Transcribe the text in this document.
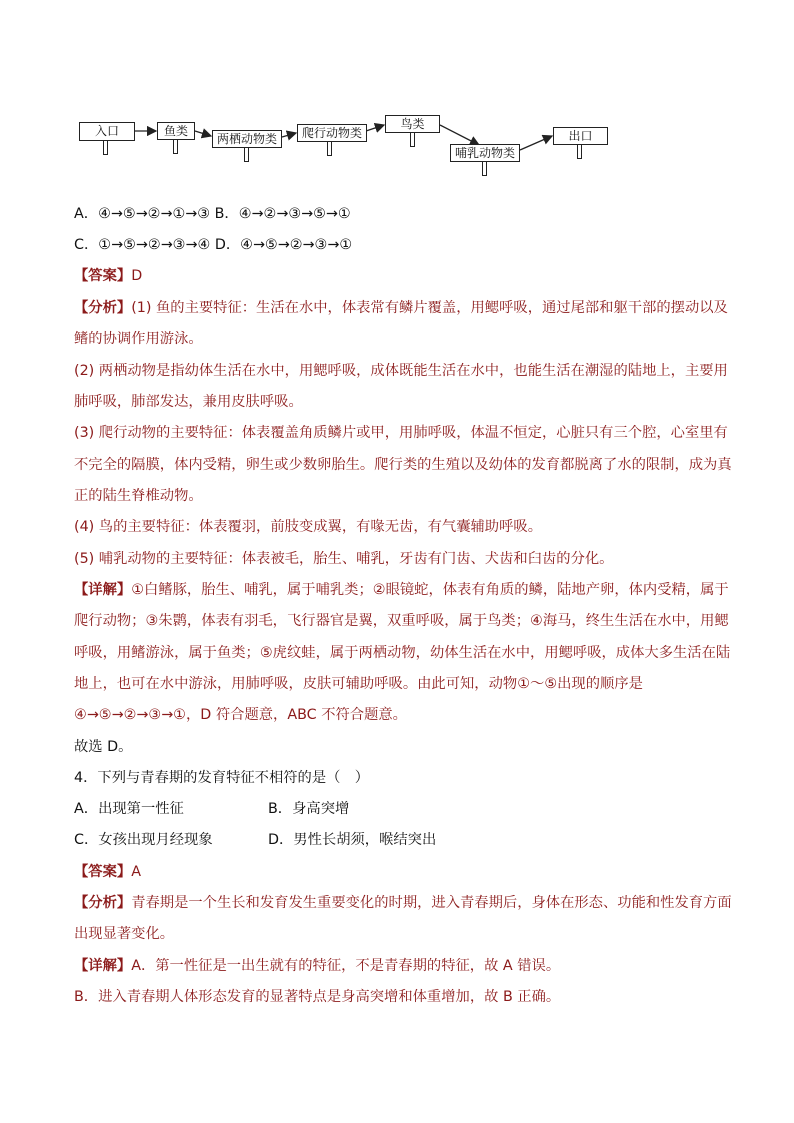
入口	鱼类
两栖动物类	爬行动物类
鸟类
哺乳动物类
出口
A．④→⑤→②→①→③ B．④→②→③→⑤→①
C．①→⑤→②→③→④ D．④→⑤→②→③→①
【答案】D
【分析】(1) 鱼的主要特征：生活在水中，体表常有鳞片覆盖，用鳃呼吸，通过尾部和躯干部的摆动以及
鳍的协调作用游泳。
(2) 两栖动物是指幼体生活在水中，用鳃呼吸，成体既能生活在水中，也能生活在潮湿的陆地上，主要用
肺呼吸，肺部发达，兼用皮肤呼吸。
(3) 爬行动物的主要特征：体表覆盖角质鳞片或甲，用肺呼吸，体温不恒定，心脏只有三个腔，心室里有
不完全的隔膜，体内受精，卵生或少数卵胎生。爬行类的生殖以及幼体的发育都脱离了水的限制，成为真
正的陆生脊椎动物。
(4) 鸟的主要特征：体表覆羽，前肢变成翼，有喙无齿，有气囊辅助呼吸。
(5) 哺乳动物的主要特征：体表被毛，胎生、哺乳，牙齿有门齿、犬齿和臼齿的分化。
【详解】①白鳍豚，胎生、哺乳，属于哺乳类；②眼镜蛇，体表有角质的鳞，陆地产卵，体内受精，属于
爬行动物；③朱鹮，体表有羽毛，飞行器官是翼，双重呼吸，属于鸟类；④海马，终生生活在水中，用鳃
呼吸，用鳍游泳，属于鱼类；⑤虎纹蛙，属于两栖动物，幼体生活在水中，用鳃呼吸，成体大多生活在陆
地上，也可在水中游泳，用肺呼吸，皮肤可辅助呼吸。由此可知，动物①～⑤出现的顺序是
④→⑤→②→③→①，D 符合题意，ABC 不符合题意。
故选 D。
4．下列与青春期的发育特征不相符的是（　）
A．出现第一性征	B．身高突增
C．女孩出现月经现象	D．男性长胡须，喉结突出
【答案】A
【分析】青春期是一个生长和发育发生重要变化的时期，进入青春期后，身体在形态、功能和性发育方面
出现显著变化。
【详解】A．第一性征是一出生就有的特征，不是青春期的特征，故 A 错误。
B．进入青春期人体形态发育的显著特点是身高突增和体重增加，故 B 正确。
